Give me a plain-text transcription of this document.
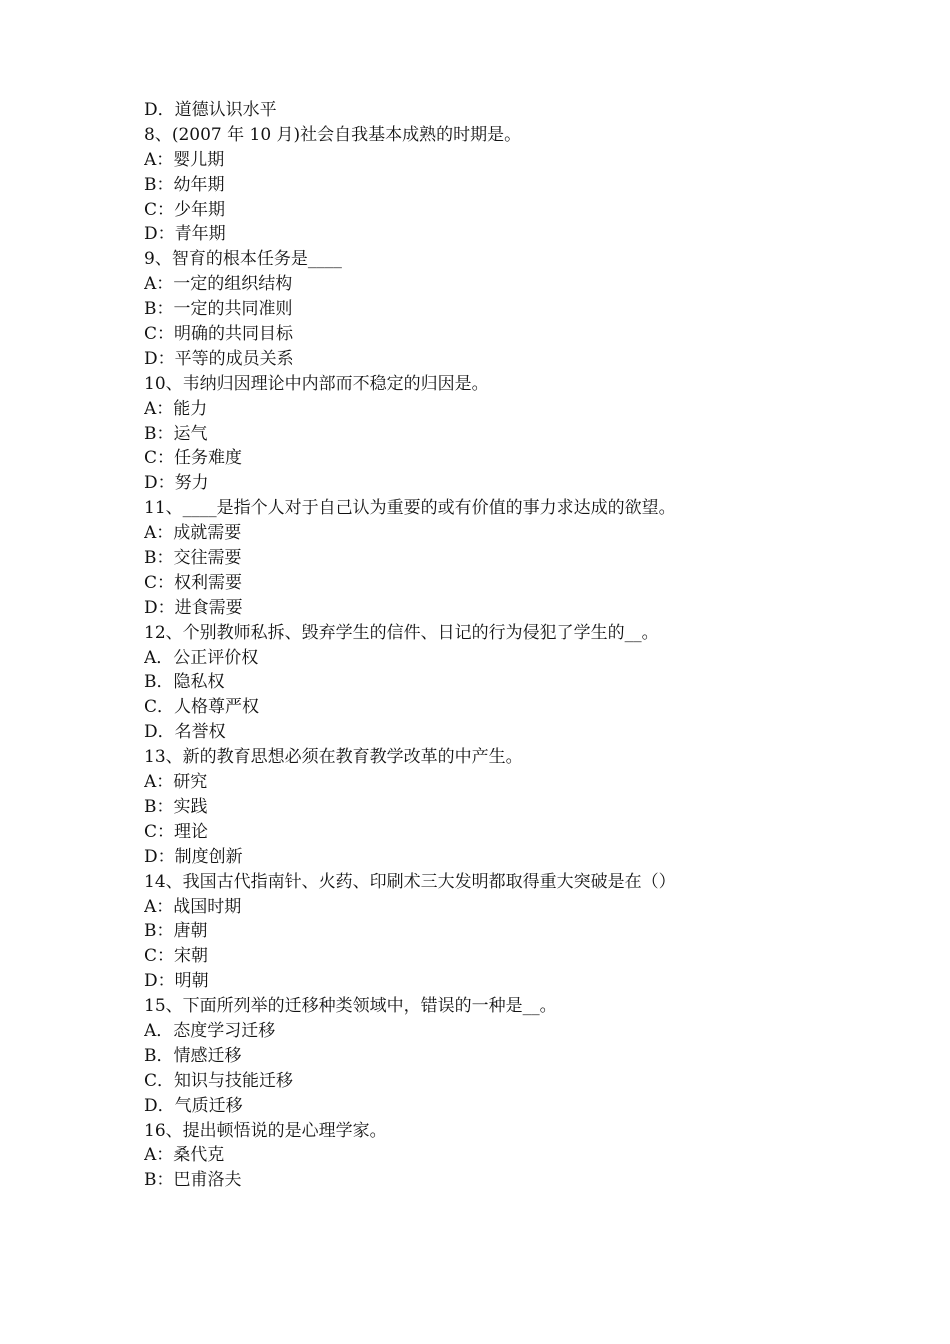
D．道德认识水平
8、(2007 年 10 月)社会自我基本成熟的时期是。
A：婴儿期
B：幼年期
C：少年期
D：青年期
9、智育的根本任务是____
A：一定的组织结构
B：一定的共同准则
C：明确的共同目标
D：平等的成员关系
10、韦纳归因理论中内部而不稳定的归因是。
A：能力
B：运气
C：任务难度
D：努力
11、____是指个人对于自己认为重要的或有价值的事力求达成的欲望。
A：成就需要
B：交往需要
C：权利需要
D：进食需要
12、个别教师私拆、毁弃学生的信件、日记的行为侵犯了学生的__。
A．公正评价权
B．隐私权
C．人格尊严权
D．名誉权
13、新的教育思想必须在教育教学改革的中产生。
A：研究
B：实践
C：理论
D：制度创新
14、我国古代指南针、火药、印刷术三大发明都取得重大突破是在（）
A：战国时期
B：唐朝
C：宋朝
D：明朝
15、下面所列举的迁移种类领域中，错误的一种是__。
A．态度学习迁移
B．情感迁移
C．知识与技能迁移
D．气质迁移
16、提出顿悟说的是心理学家。
A：桑代克
B：巴甫洛夫
